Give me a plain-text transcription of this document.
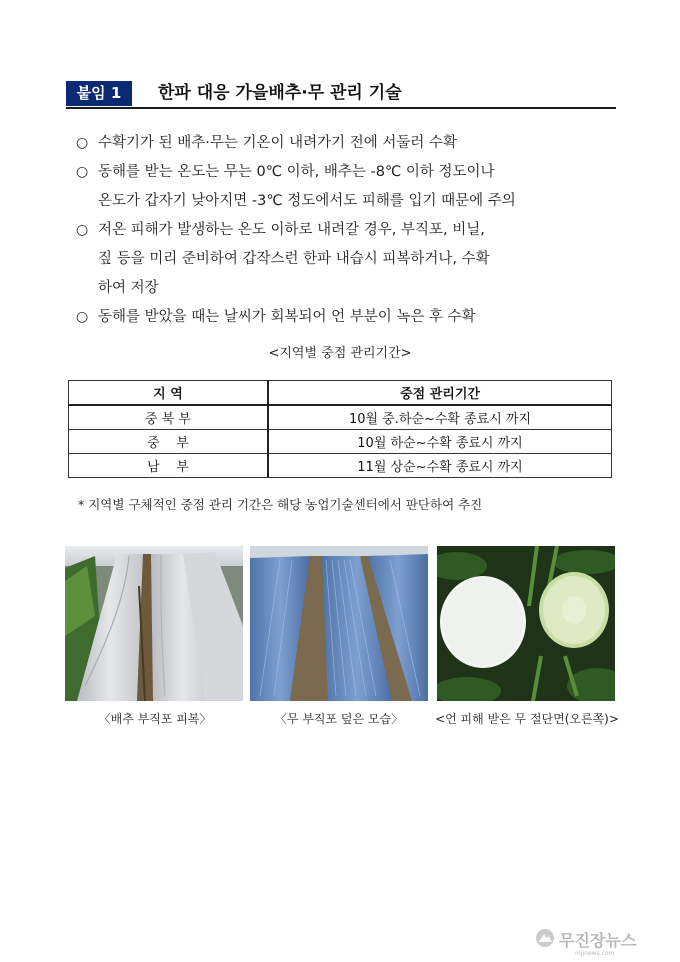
붙임 1	한파 대응 가을배추·무 관리 기술
○ 수확기가 된 배추·무는 기온이 내려가기 전에 서둘러 수확
○ 동해를 받는 온도는 무는 0℃ 이하, 배추는 -8℃ 이하 정도이나
온도가 갑자기 낮아지면 -3℃ 정도에서도 피해를 입기 때문에 주의
○ 저온 피해가 발생하는 온도 이하로 내려갈 경우, 부직포, 비닐,
짚 등을 미리 준비하여 갑작스런 한파 내습시 피복하거나, 수확
하여 저장
○ 동해를 받았을 때는 날씨가 회복되어 언 부분이 녹은 후 수확
<지역별 중점 관리기간>
지 역	중점 관리기간
중 북 부	10월 중.하순~수확 종료시 까지
중    부	10월 하순~수확 종료시 까지
남    부	11월 상순~수확 종료시 까지
* 지역별 구체적인 중점 관리 기간은 해당 농업기술센터에서 판단하여 추진
〈배추 부직포 피복〉	〈무 부직포 덮은 모습〉	<언 피해 받은 무 절단면(오른쪽)>
무진장뉴스
mjjnews.com
